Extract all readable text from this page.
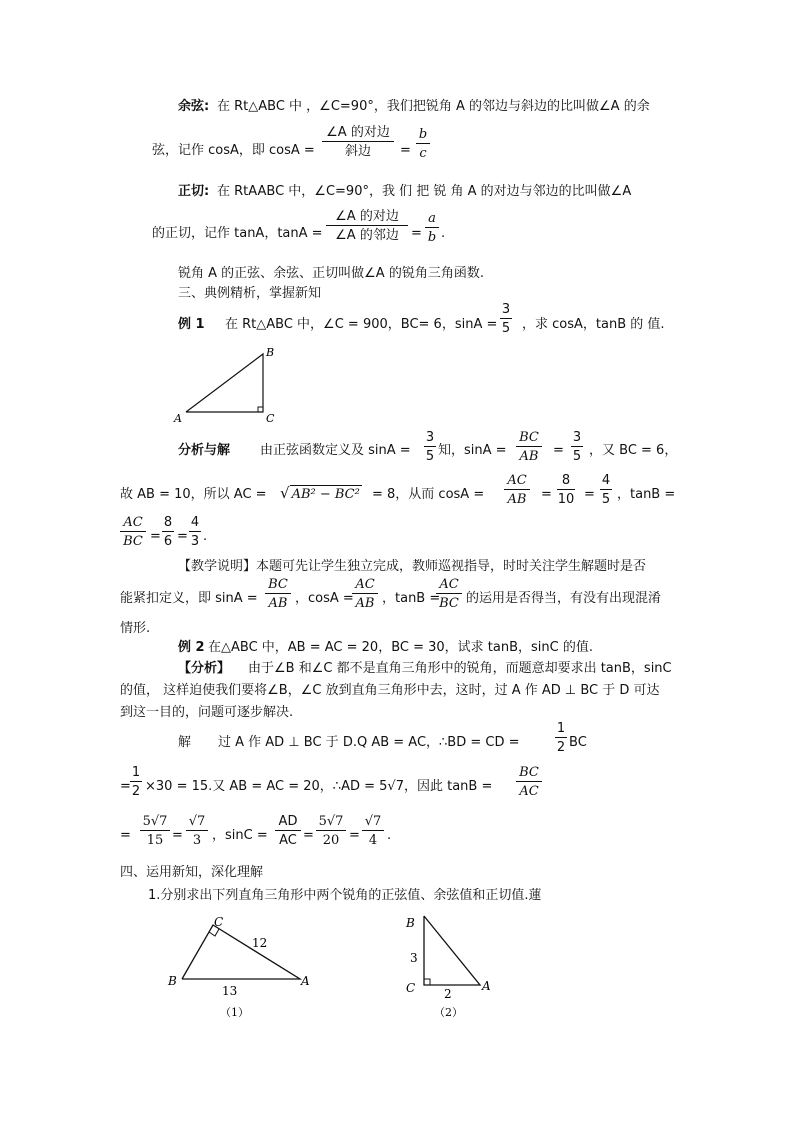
余弦: 在 Rt△ABC 中 ，∠C=90°，我们把锐角 A 的邻边与斜边的比叫做∠A 的余
弦，记作 cosA，即 cosA =
∠A 的对边
斜边	= $\frac{b}{c}$
正切: 在 RtAABC 中，∠C=90°，我 们 把 锐 角 A 的对边与邻边的比叫做∠A
的正切，记作 tanA，tanA =
∠A 的对边
∠A 的邻边 = $\frac{a}{b}$ .
锐角 A 的正弦、余弦、正切叫做∠A 的锐角三角函数.
三、典例精析，掌握新知
例 1 在 Rt△ABC 中，∠C = 900，BC= 6，$\sin A = \frac{3}{5}$ ，求 cosA，tanB 的 值.
B
A	C
分析与解 由正弦函数定义及 $\sin A = \frac{3}{5}$ 知，$\sin A = \frac{BC}{AB} = \frac{3}{5}$ ，又 BC = 6，
故 AB = 10，所以 AC = √ AB² − BC² = 8，从而 $\cos A = \frac{AC}{AB} = \frac{8}{10} = \frac{4}{5}$ ，tanB =
$\frac{AC}{BC} = \frac{8}{6} = \frac{4}{3}$ .
【教学说明】本题可先让学生独立完成，教师巡视指导，时时关注学生解题时是否
能紧扣定义，即 $\sin A = \frac{BC}{AB}$ ，cosA =
$\frac{AC}{AB}$ ，tanB =
$\frac{AC}{BC}$ 的运用是否得当，有没有出现混淆
情形.
例 2 在△ABC 中，AB = AC = 20，BC = 30，试求 tanB，sinC 的值.
【分析】 由于∠B 和∠C 都不是直角三角形中的锐角，而题意却要求出 tanB，sinC
的值， 这样迫使我们要将∠B，∠C 放到直角三角形中去，这时，过 A 作 AD ⊥ BC 于 D 可达
到这一目的，问题可逐步解决.
解 过 A 作 AD ⊥ BC 于 D.Q AB = AC，∴BD = CD =	$\frac{1}{2}$ BC
= $\frac{1}{2} \times 30 = 15$.又 AB = AC = 20，∴AD = 5√7，因此 $\tan B = \frac{BC}{AC}$
= $\frac{5√7}{15} = \frac{√7}{3}$ ，$\sin C = \frac{AD}{AC} = \frac{5√7}{20} = \frac{√7}{4}$ .
四、运用新知，深化理解
1.分别求出下列直角三角形中两个锐角的正弦值、余弦值和正切值.蓮
C
B	A
12
13
（1）
B
C	A
3
2
（2）
